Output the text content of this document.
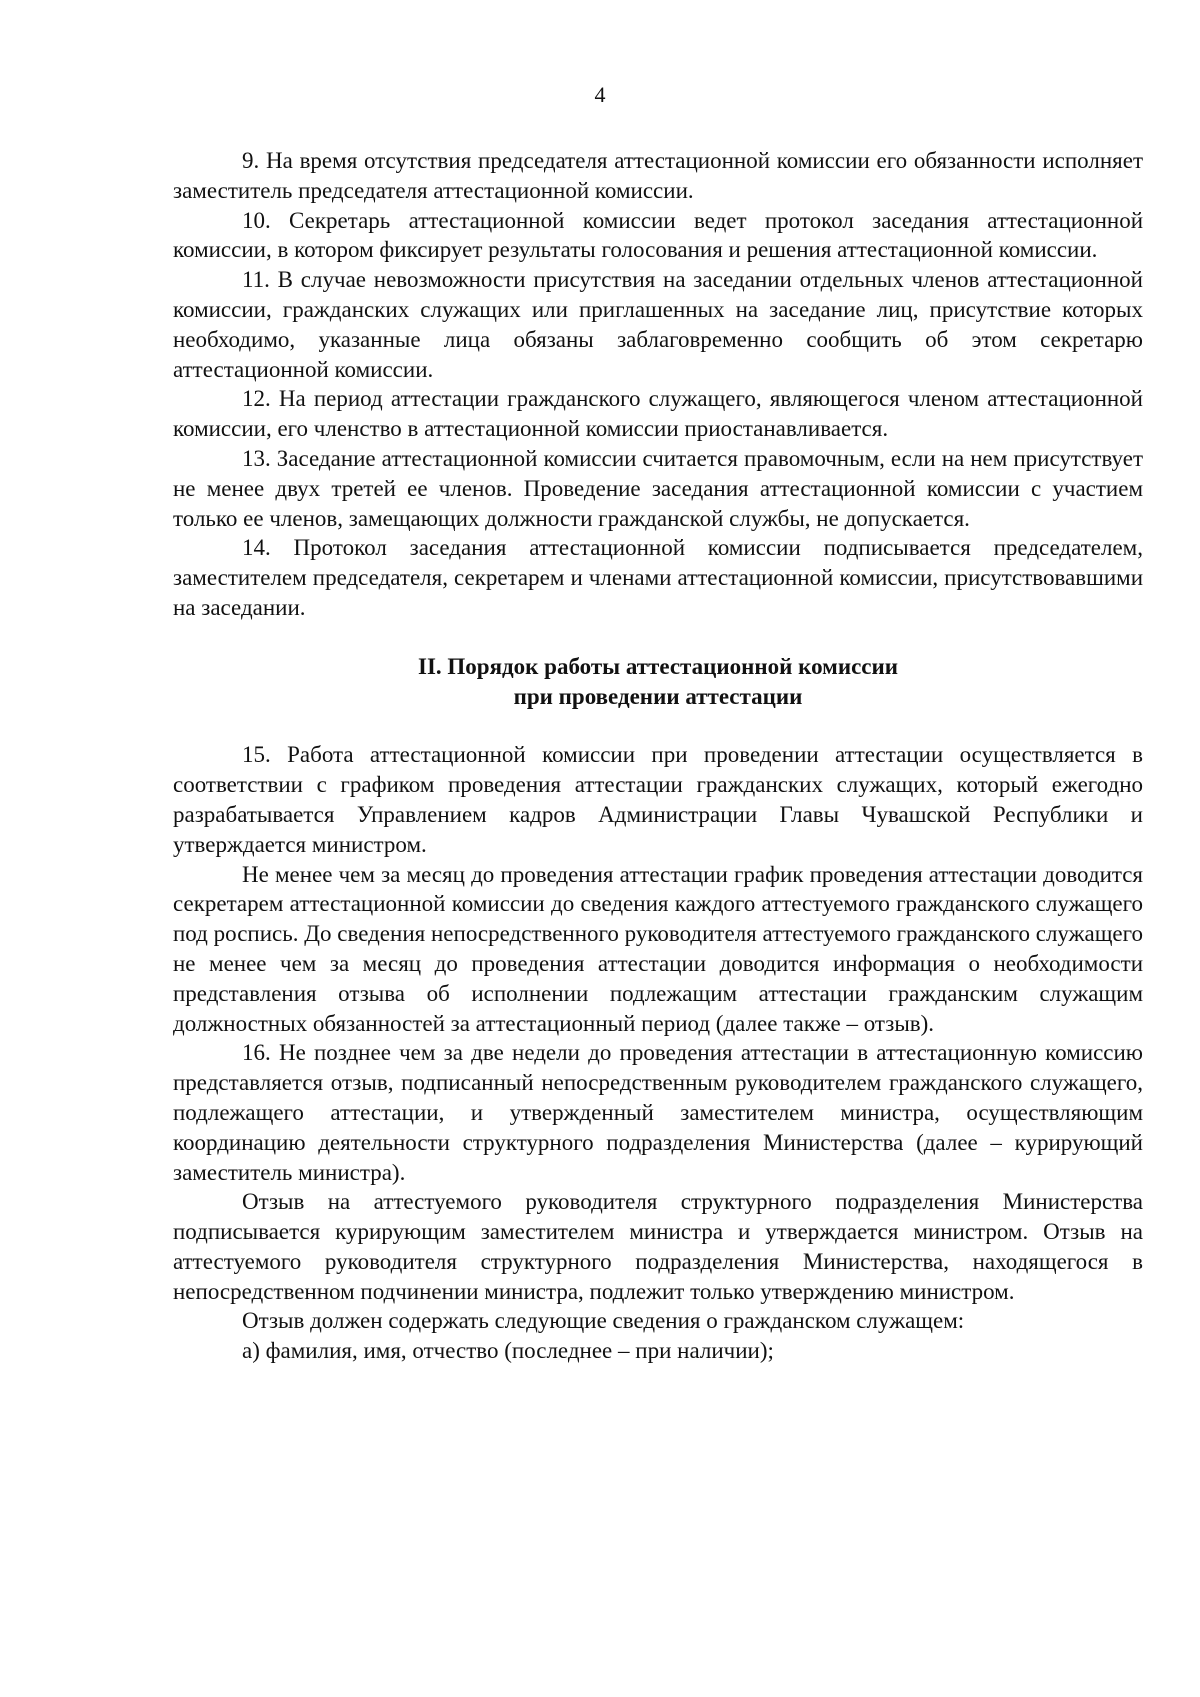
4

9. На время отсутствия председателя аттестационной комиссии его обязанности исполняет заместитель председателя аттестационной комиссии.

10. Секретарь аттестационной комиссии ведет протокол заседания аттестационной комиссии, в котором фиксирует результаты голосования и решения аттестационной комиссии.

11. В случае невозможности присутствия на заседании отдельных членов аттестационной комиссии, гражданских служащих или приглашенных на заседание лиц, присутствие которых необходимо, указанные лица обязаны заблаговременно сообщить об этом секретарю аттестационной комиссии.

12. На период аттестации гражданского служащего, являющегося членом аттестационной комиссии, его членство в аттестационной комиссии приостанавливается.

13. Заседание аттестационной комиссии считается правомочным, если на нем присутствует не менее двух третей ее членов. Проведение заседания аттестационной комиссии с участием только ее членов, замещающих должности гражданской службы, не допускается.

14. Протокол заседания аттестационной комиссии подписывается председателем, заместителем председателя, секретарем и членами аттестационной комиссии, присутствовавшими на заседании.

II. Порядок работы аттестационной комиссии
при проведении аттестации

15. Работа аттестационной комиссии при проведении аттестации осуществляется в соответствии с графиком проведения аттестации гражданских служащих, который ежегодно разрабатывается Управлением кадров Администрации Главы Чувашской Республики и утверждается министром.

Не менее чем за месяц до проведения аттестации график проведения аттестации доводится секретарем аттестационной комиссии до сведения каждого аттестуемого гражданского служащего под роспись. До сведения непосредственного руководителя аттестуемого гражданского служащего не менее чем за месяц до проведения аттестации доводится информация о необходимости представления отзыва об исполнении подлежащим аттестации гражданским служащим должностных обязанностей за аттестационный период (далее также – отзыв).

16. Не позднее чем за две недели до проведения аттестации в аттестационную комиссию представляется отзыв, подписанный непосредственным руководителем гражданского служащего, подлежащего аттестации, и утвержденный заместителем министра, осуществляющим координацию деятельности структурного подразделения Министерства (далее – курирующий заместитель министра).

Отзыв на аттестуемого руководителя структурного подразделения Министерства подписывается курирующим заместителем министра и утверждается министром. Отзыв на аттестуемого руководителя структурного подразделения Министерства, находящегося в непосредственном подчинении министра, подлежит только утверждению министром.

Отзыв должен содержать следующие сведения о гражданском служащем:

а) фамилия, имя, отчество (последнее – при наличии);
